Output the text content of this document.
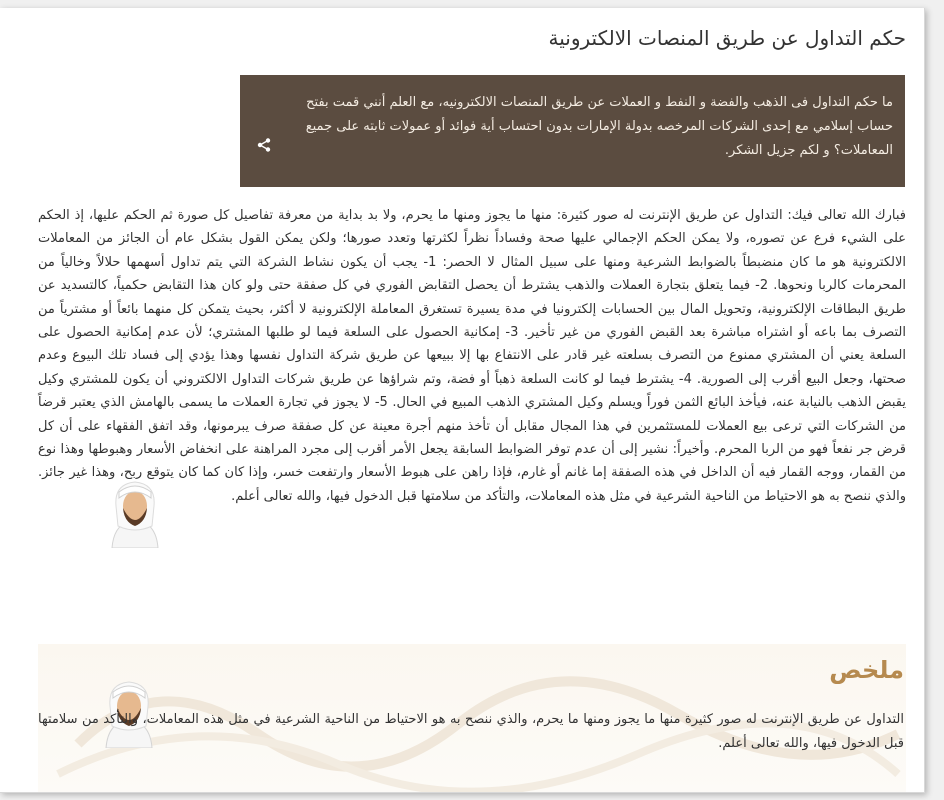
حكم التداول عن طريق المنصات الالكترونية

ما حكم التداول فى الذهب والفضة و النفط و العملات عن طريق المنصات الالكترونيه، مع العلم أنني قمت بفتح حساب إسلامي مع إحدى الشركات المرخصه بدولة الإمارات بدون احتساب أية فوائد أو عمولات ثابته على جميع المعاملات؟ و لكم جزيل الشكر.

فبارك الله تعالى فيك: التداول عن طريق الإنترنت له صور كثيرة: منها ما يجوز ومنها ما يحرم، ولا بد بداية من معرفة تفاصيل كل صورة ثم الحكم عليها، إذ الحكم على الشيء فرع عن تصوره، ولا يمكن الحكم الإجمالي عليها صحة وفساداً نظراً لكثرتها وتعدد صورها؛ ولكن يمكن القول بشكل عام أن الجائز من المعاملات الالكترونية هو ما كان منضبطاً بالضوابط الشرعية ومنها على سبيل المثال لا الحصر: 1- يجب أن يكون نشاط الشركة التي يتم تداول أسهمها حلالاً وخالياً من المحرمات كالربا ونحوها. 2- فيما يتعلق بتجارة العملات والذهب يشترط أن يحصل التقابض الفوري في كل صفقة حتى ولو كان هذا التقابض حكمياً، كالتسديد عن طريق البطاقات الإلكترونية، وتحويل المال بين الحسابات إلكترونيا في مدة يسيرة تستغرق المعاملة الإلكترونية لا أكثر، بحيث يتمكن كل منهما بائعاً أو مشترياً من التصرف بما باعه أو اشتراه مباشرة بعد القبض الفوري من غير تأخير. 3- إمكانية الحصول على السلعة فيما لو طلبها المشتري؛ لأن عدم إمكانية الحصول على السلعة يعني أن المشتري ممنوع من التصرف بسلعته غير قادر على الانتفاع بها إلا ببيعها عن طريق شركة التداول نفسها وهذا يؤدي إلى فساد تلك البيوع وعدم صحتها، وجعل البيع أقرب إلى الصورية. 4- يشترط فيما لو كانت السلعة ذهباً أو فضة، وتم شراؤها عن طريق شركات التداول الالكتروني أن يكون للمشتري وكيل يقبض الذهب بالنيابة عنه، فيأخذ البائع الثمن فوراً ويسلم وكيل المشتري الذهب المبيع في الحال. 5- لا يجوز في تجارة العملات ما يسمى بالهامش الذي يعتبر قرضاً من الشركات التي ترعى بيع العملات للمستثمرين في هذا المجال مقابل أن تأخذ منهم أجرة معينة عن كل صفقة صرف يبرمونها، وقد اتفق الفقهاء على أن كل قرض جر نفعاً فهو من الربا المحرم. وأخيراً: نشير إلى أن عدم توفر الضوابط السابقة يجعل الأمر أقرب إلى مجرد المراهنة على انخفاض الأسعار وهبوطها وهذا نوع من القمار، ووجه القمار فيه أن الداخل في هذه الصفقة إما غانم أو غارم، فإذا راهن على هبوط الأسعار وارتفعت خسر، وإذا كان كما كان يتوقع ربح، وهذا غير جائز. والذي ننصح به هو الاحتياط من الناحية الشرعية في مثل هذه المعاملات، والتأكد من سلامتها قبل الدخول فيها، والله تعالى أعلم.

ملخص

التداول عن طريق الإنترنت له صور كثيرة منها ما يجوز ومنها ما يحرم، والذي ننصح به هو الاحتياط من الناحية الشرعية في مثل هذه المعاملات، والتأكد من سلامتها قبل الدخول فيها، والله تعالى أعلم.
